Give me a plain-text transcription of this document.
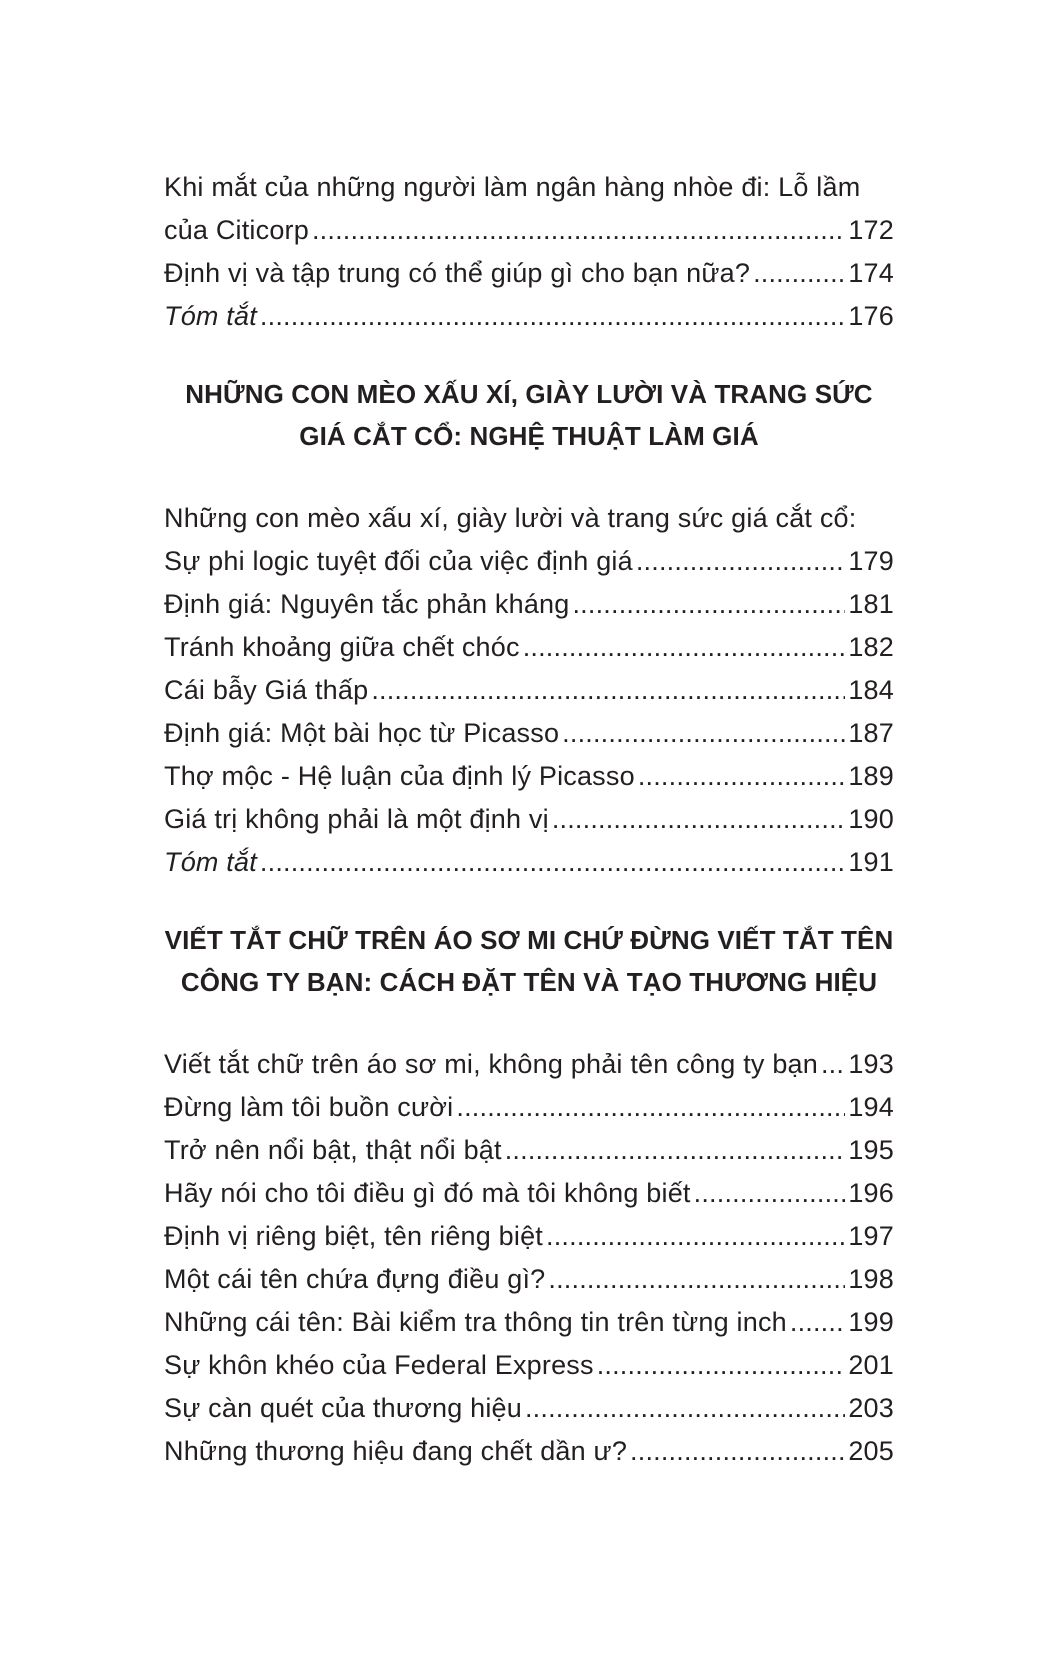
Khi mắt của những người làm ngân hàng nhòe đi: Lỗ lầm
của Citicorp .....	172
Định vị và tập trung có thể giúp gì cho bạn nữa? .....	174
Tóm tắt .....	176
NHỮNG CON MÈO XẤU XÍ, GIÀY LƯỜI VÀ TRANG SỨC
GIÁ CẮT CỔ: NGHỆ THUẬT LÀM GIÁ
Những con mèo xấu xí, giày lười và trang sức giá cắt cổ:
Sự phi logic tuyệt đối của việc định giá .....	179
Định giá: Nguyên tắc phản kháng .....	181
Tránh khoảng giữa chết chóc .....	182
Cái bẫy Giá thấp .....	184
Định giá: Một bài học từ Picasso .....	187
Thợ mộc - Hệ luận của định lý Picasso .....	189
Giá trị không phải là một định vị .....	190
Tóm tắt .....	191
VIẾT TẮT CHỮ TRÊN ÁO SƠ MI CHỨ ĐỪNG VIẾT TẮT TÊN
CÔNG TY BẠN: CÁCH ĐẶT TÊN VÀ TẠO THƯƠNG HIỆU
Viết tắt chữ trên áo sơ mi, không phải tên công ty bạn ..... 193
Đừng làm tôi buồn cười .....	194
Trở nên nổi bật, thật nổi bật .....	195
Hãy nói cho tôi điều gì đó mà tôi không biết .....	196
Định vị riêng biệt, tên riêng biệt .....	197
Một cái tên chứa đựng điều gì? .....	198
Những cái tên: Bài kiểm tra thông tin trên từng inch ..... 199
Sự khôn khéo của Federal Express .....	201
Sự càn quét của thương hiệu .....	203
Những thương hiệu đang chết dần ư? .....	205
